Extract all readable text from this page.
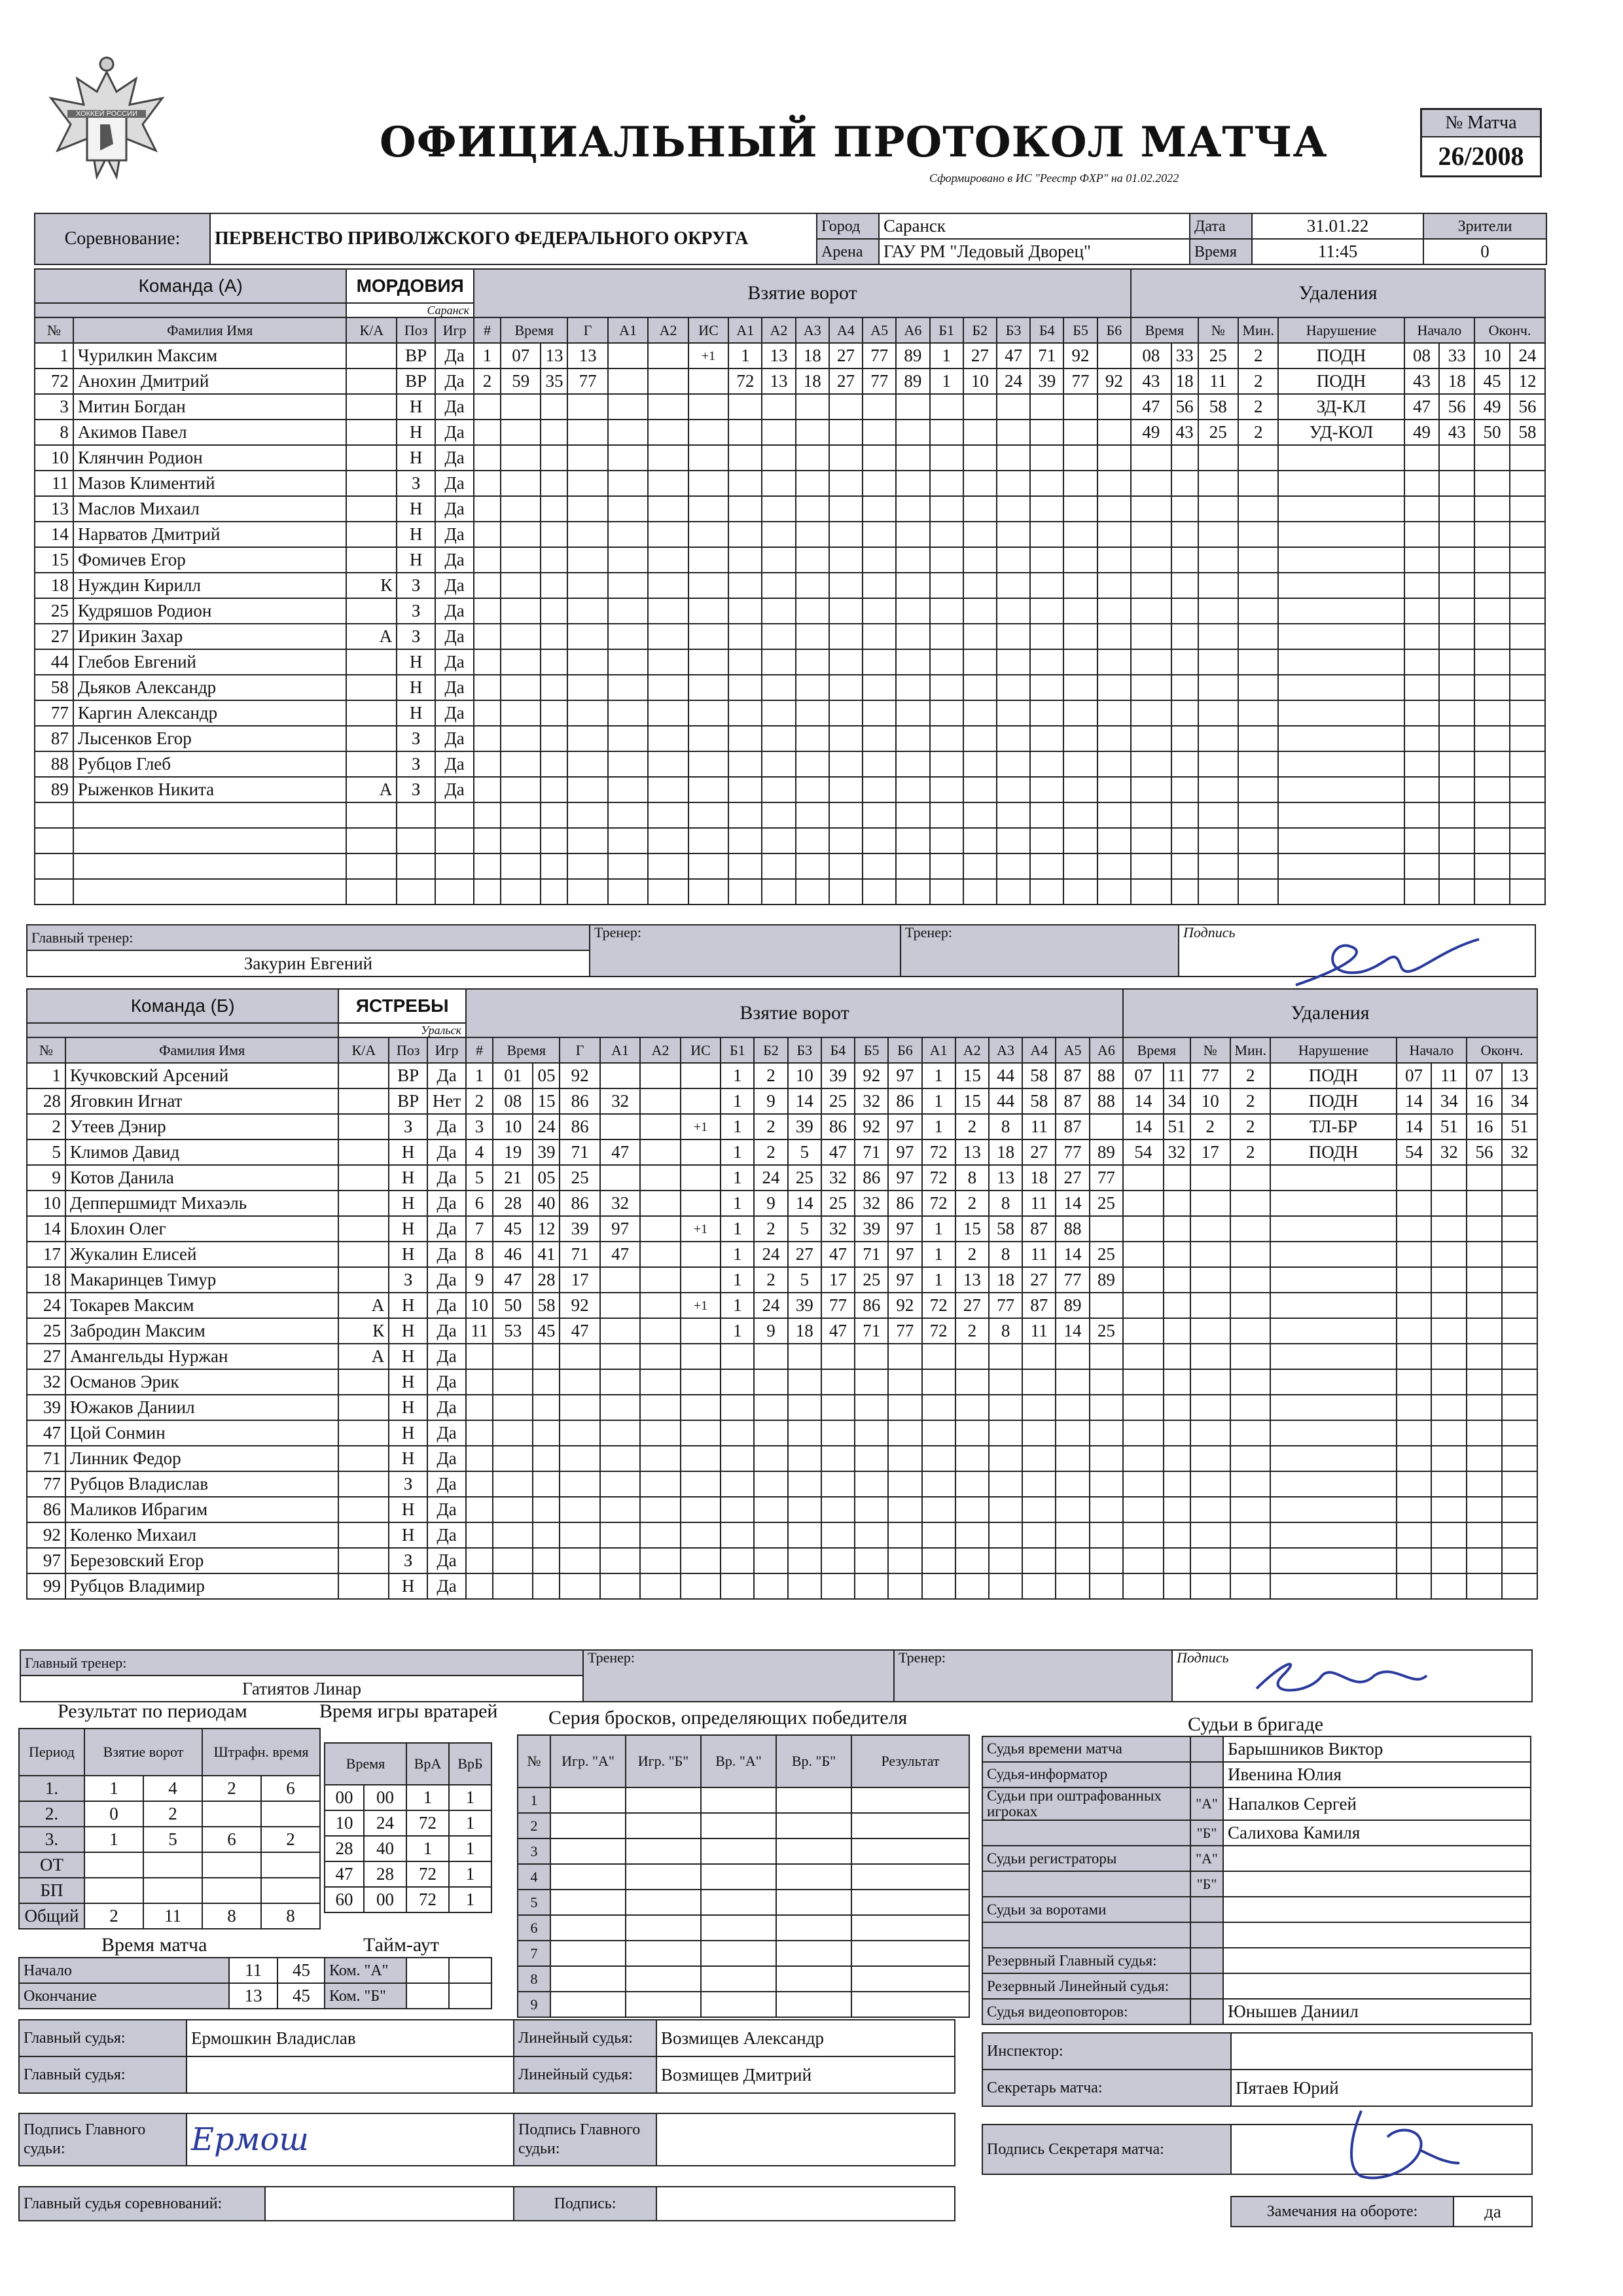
ХОККЕЙ РОССИИ
ОФИЦИАЛЬНЫЙ ПРОТОКОЛ МАТЧА
Сформировано в ИС "Реестр ФХР" на 01.02.2022
№ Матча
26/2008
Соревнование:	ПЕРВЕНСТВО ПРИВОЛЖСКОГО ФЕДЕРАЛЬНОГО ОКРУГА	Город	Саранск	Дата	31.01.22	Зрители
		Арена	ГАУ РМ "Ледовый Дворец"	Время	11:45	0
Команда (А)		МОРДОВИЯ			Взятие ворот																			Удаления								
		Саранск																														
№	Фамилия Имя	К/А	Поз	Игр	#	Время		Г	А1	А2	ИС	А1	А2	А3	А4	А5	А6	Б1	Б2	Б3	Б4	Б5	Б6	Время		№	Мин.	Нарушение	Начало		Оконч.	
1	Чурилкин Максим		ВР	Да	1	07	13	13			+1	1	13	18	27	77	89	1	27	47	71	92		08	33	25	2	ПОДН	08	33	10	24
72	Анохин Дмитрий		ВР	Да	2	59	35	77				72	13	18	27	77	89	1	10	24	39	77	92	43	18	11	2	ПОДН	43	18	45	12
3	Митин Богдан		Н	Да																				47	56	58	2	ЗД-КЛ	47	56	49	56
8	Акимов Павел		Н	Да																				49	43	25	2	УД-КОЛ	49	43	50	58
10	Клянчин Родион		Н	Да																												
11	Мазов Климентий		З	Да																												
13	Маслов Михаил		Н	Да																												
14	Нарватов Дмитрий		Н	Да																												
15	Фомичев Егор		Н	Да																												
18	Нуждин Кирилл	К	З	Да																												
25	Кудряшов Родион		З	Да																												
27	Ирикин Захар	А	З	Да																												
44	Глебов Евгений		Н	Да																												
58	Дьяков Александр		Н	Да																												
77	Каргин Александр		Н	Да																												
87	Лысенков Егор		З	Да																												
88	Рубцов Глеб		З	Да																												
89	Рыженков Никита	А	З	Да																												

Главный тренер:	Тренер:	Тренер:	Подпись
Закурин Евгений
Команда (Б)		ЯСТРЕБЫ			Взятие ворот																			Удаления								
		Уральск																														
№	Фамилия Имя	К/А	Поз	Игр	#	Время		Г	А1	А2	ИС	Б1	Б2	Б3	Б4	Б5	Б6	А1	А2	А3	А4	А5	А6	Время		№	Мин.	Нарушение	Начало		Оконч.	
1	Кучковский Арсений		ВР	Да	1	01	05	92				1	2	10	39	92	97	1	15	44	58	87	88	07	11	77	2	ПОДН	07	11	07	13
28	Яговкин Игнат		ВР	Нет	2	08	15	86	32			1	9	14	25	32	86	1	15	44	58	87	88	14	34	10	2	ПОДН	14	34	16	34
2	Утеев Дэнир		З	Да	3	10	24	86			+1	1	2	39	86	92	97	1	2	8	11	87		14	51	2	2	ТЛ-БР	14	51	16	51
5	Климов Давид		Н	Да	4	19	39	71	47			1	2	5	47	71	97	72	13	18	27	77	89	54	32	17	2	ПОДН	54	32	56	32
9	Котов Данила		Н	Да	5	21	05	25				1	24	25	32	86	97	72	8	13	18	27	77									
10	Деппершмидт Михаэль		Н	Да	6	28	40	86	32			1	9	14	25	32	86	72	2	8	11	14	25									
14	Блохин Олег		Н	Да	7	45	12	39	97		+1	1	2	5	32	39	97	1	15	58	87	88										
17	Жукалин Елисей		Н	Да	8	46	41	71	47			1	24	27	47	71	97	1	2	8	11	14	25									
18	Макаринцев Тимур		З	Да	9	47	28	17				1	2	5	17	25	97	1	13	18	27	77	89									
24	Токарев Максим	А	Н	Да	10	50	58	92			+1	1	24	39	77	86	92	72	27	77	87	89										
25	Забродин Максим	К	Н	Да	11	53	45	47				1	9	18	47	71	77	72	2	8	11	14	25									
27	Амангельды Нуржан	А	Н	Да																												
32	Османов Эрик		Н	Да																												
39	Южаков Даниил		Н	Да																												
47	Цой Сонмин		Н	Да																												
71	Линник Федор		Н	Да																												
77	Рубцов Владислав		З	Да																												
86	Маликов Ибрагим		Н	Да																												
92	Коленко Михаил		Н	Да																												
97	Березовский Егор		З	Да																												
99	Рубцов Владимир		Н	Да																												
Главный тренер:	Тренер:	Тренер:	Подпись
Гатиятов Линар
Результат по периодам
Период	Взятие ворот		Штрафн. время	
1.	1	4	2	6
2.	0	2		
3.	1	5	6	2
ОТ				
БП				
Общий	2	11	8	8
Время игры вратарей
Время		ВрА	ВрБ
00	00	1	1
10	24	72	1
28	40	1	1
47	28	72	1
60	00	72	1
Серия бросков, определяющих победителя
№	Игр. "А"	Игр. "Б"	Вр. "А"	Вр. "Б"	Результат
1					
2					
3					
4					
5					
6					
7					
8					
9					
Время матча
Начало	11	45
Окончание	13	45
Тайм-аут
Ком. "А"		
Ком. "Б"		
Судьи в бригаде
Судья времени матча		Барышников Виктор
Судья-информатор		Ивенина Юлия
Судьи при оштрафованных игроках	"А"	Напалков Сергей
	"Б"	Салихова Камиля
Судьи регистраторы	"А"	
	"Б"	
Судьи за воротами		

Резервный Главный судья:		
Резервный Линейный судья:		
Судья видеоповторов:		Юнышев Даниил
Главный судья:	Ермошкин Владислав	Линейный судья:	Возмищев Александр
Главный судья:		Линейный судья:	Возмищев Дмитрий
Инспектор:	
Секретарь матча:	Пятаев Юрий
Подпись Главного судьи:	Ермош	Подпись Главного судьи:		Подпись Секретаря матча:	
Главный судья соревнований:		Подпись:		Замечания на обороте:	да
